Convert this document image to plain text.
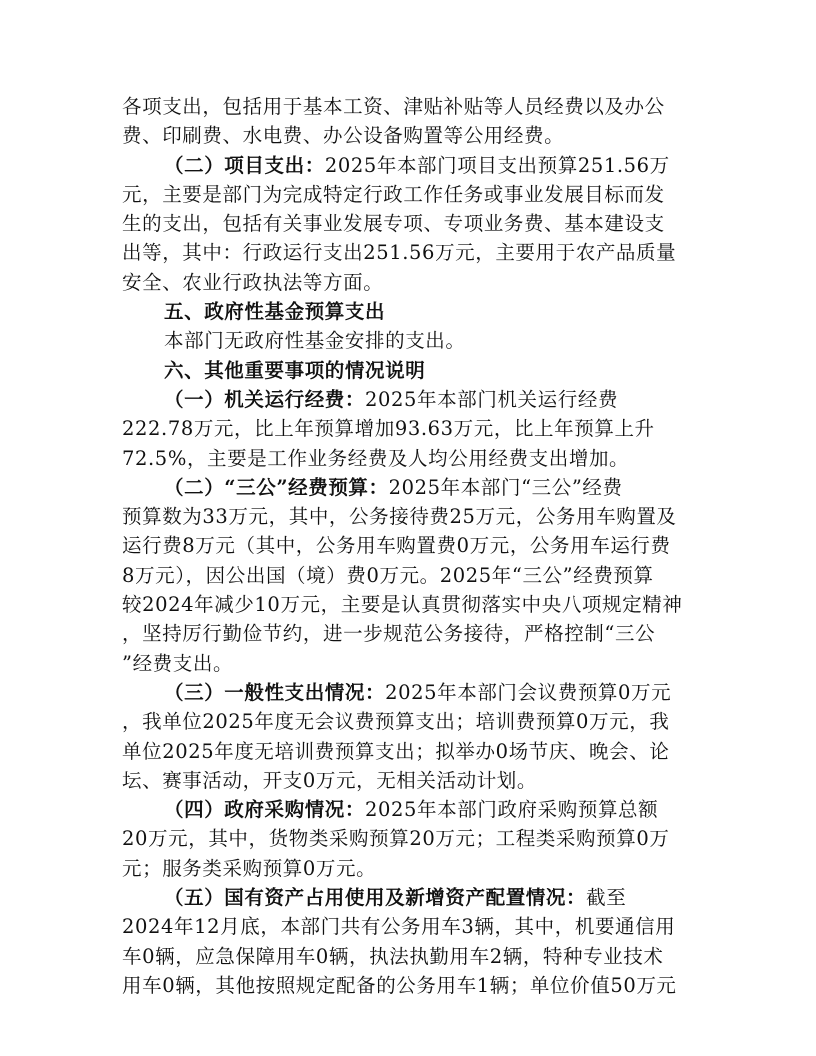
各项支出，包括用于基本工资、津贴补贴等人员经费以及办公
费、印刷费、水电费、办公设备购置等公用经费。
（二）项目支出：2025年本部门项目支出预算251.56万
元，主要是部门为完成特定行政工作任务或事业发展目标而发
生的支出，包括有关事业发展专项、专项业务费、基本建设支
出等，其中：行政运行支出251.56万元，主要用于农产品质量
安全、农业行政执法等方面。
五、政府性基金预算支出
本部门无政府性基金安排的支出。
六、其他重要事项的情况说明
（一）机关运行经费：2025年本部门机关运行经费
222.78万元，比上年预算增加93.63万元，比上年预算上升
72.5%，主要是工作业务经费及人均公用经费支出增加。
（二）“三公”经费预算：2025年本部门“三公”经费
预算数为33万元，其中，公务接待费25万元，公务用车购置及
运行费8万元（其中，公务用车购置费0万元，公务用车运行费
8万元），因公出国（境）费0万元。2025年“三公”经费预算
较2024年减少10万元，主要是认真贯彻落实中央八项规定精神
，坚持厉行勤俭节约，进一步规范公务接待，严格控制“三公
”经费支出。
（三）一般性支出情况：2025年本部门会议费预算0万元
，我单位2025年度无会议费预算支出；培训费预算0万元，我
单位2025年度无培训费预算支出；拟举办0场节庆、晚会、论
坛、赛事活动，开支0万元，无相关活动计划。
（四）政府采购情况：2025年本部门政府采购预算总额
20万元，其中，货物类采购预算20万元；工程类采购预算0万
元；服务类采购预算0万元。
（五）国有资产占用使用及新增资产配置情况：截至
2024年12月底，本部门共有公务用车3辆，其中，机要通信用
车0辆，应急保障用车0辆，执法执勤用车2辆，特种专业技术
用车0辆，其他按照规定配备的公务用车1辆；单位价值50万元
